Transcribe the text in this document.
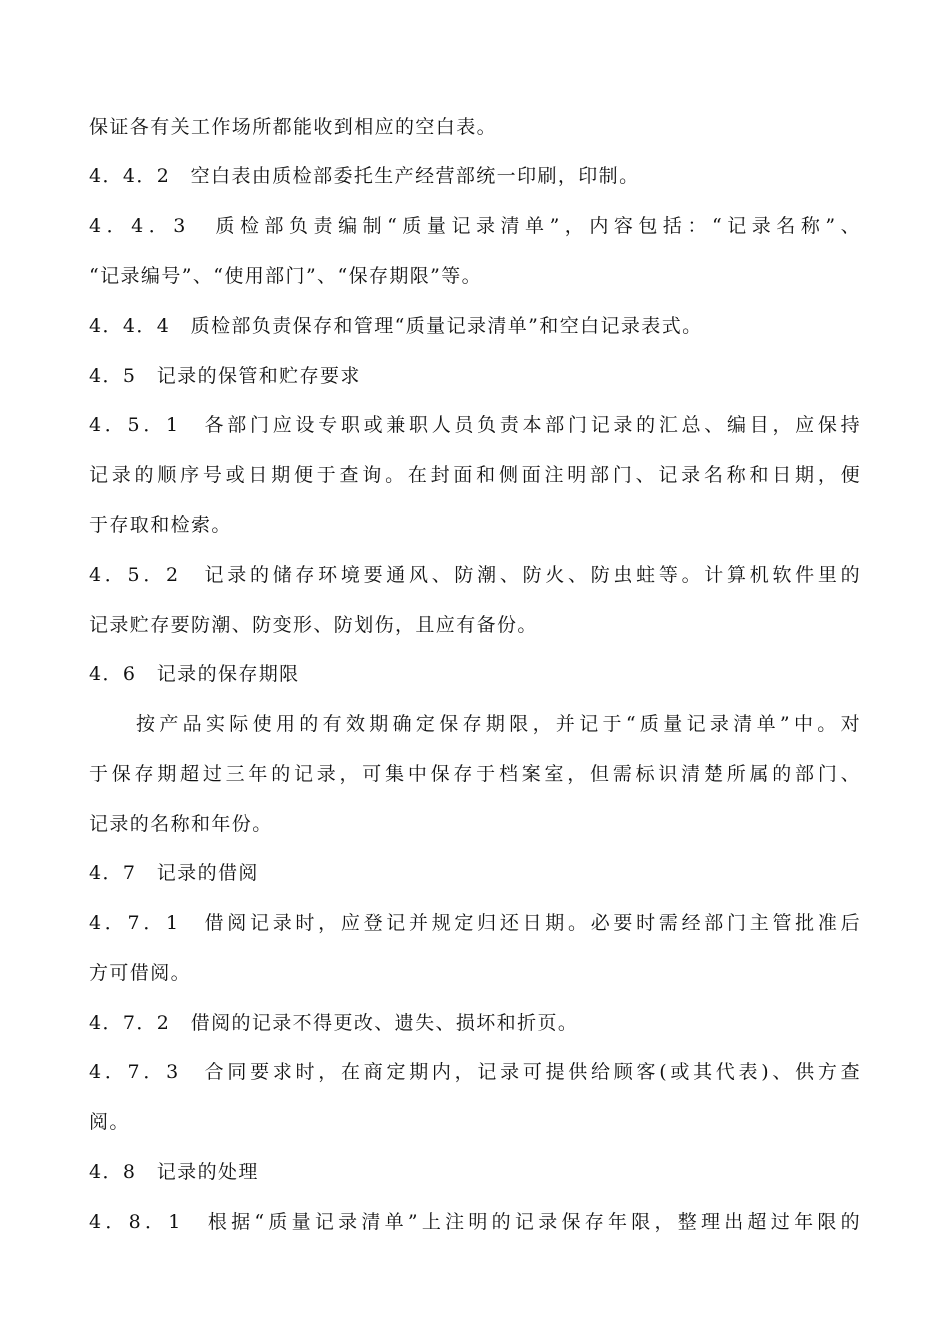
保证各有关工作场所都能收到相应的空白表。
4．4．2　空白表由质检部委托生产经营部统一印刷，印制。
4．4．3　质检部负责编制“质量记录清单”，内容包括：“记录名称”、
“记录编号”、“使用部门”、“保存期限”等。
4．4．4　质检部负责保存和管理“质量记录清单”和空白记录表式。
4．5　记录的保管和贮存要求
4．5．1　各部门应设专职或兼职人员负责本部门记录的汇总、编目，应保持
记录的顺序号或日期便于查询。在封面和侧面注明部门、记录名称和日期，便
于存取和检索。
4．5．2　记录的储存环境要通风、防潮、防火、防虫蛀等。计算机软件里的
记录贮存要防潮、防变形、防划伤，且应有备份。
4．6　记录的保存期限
按产品实际使用的有效期确定保存期限，并记于“质量记录清单”中。对
于保存期超过三年的记录，可集中保存于档案室，但需标识清楚所属的部门、
记录的名称和年份。
4．7　记录的借阅
4．7．1　借阅记录时，应登记并规定归还日期。必要时需经部门主管批准后
方可借阅。
4．7．2　借阅的记录不得更改、遗失、损坏和折页。
4．7．3　合同要求时，在商定期内，记录可提供给顾客(或其代表)、供方查
阅。
4．8　记录的处理
4．8．1　根据“质量记录清单”上注明的记录保存年限，整理出超过年限的
